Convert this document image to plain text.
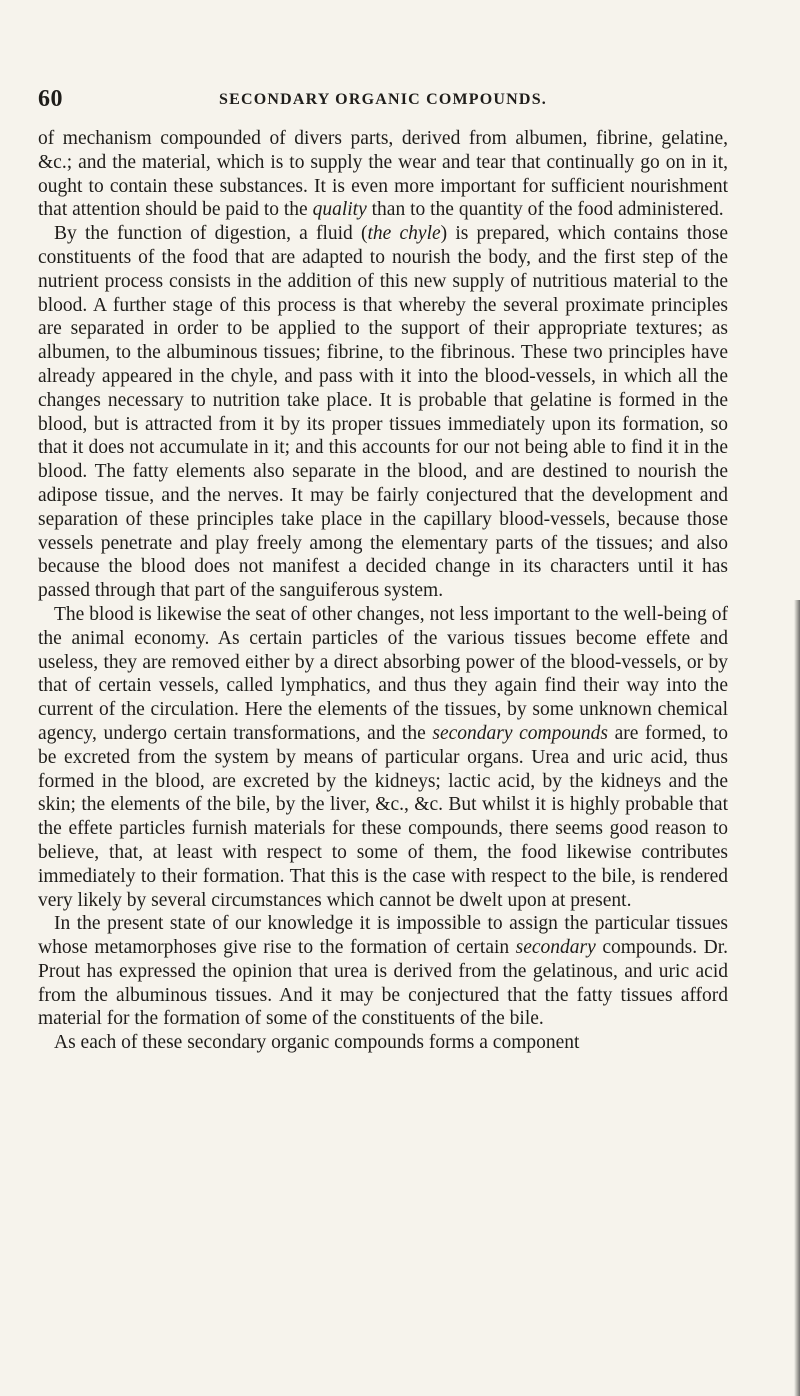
60	SECONDARY ORGANIC COMPOUNDS.

of mechanism compounded of divers parts, derived from albumen, fibrine, gelatine, &c.; and the material, which is to supply the wear and tear that continually go on in it, ought to contain these substances. It is even more important for sufficient nourishment that attention should be paid to the quality than to the quantity of the food administered.

By the function of digestion, a fluid (the chyle) is prepared, which contains those constituents of the food that are adapted to nourish the body, and the first step of the nutrient process consists in the addition of this new supply of nutritious material to the blood. A further stage of this process is that whereby the several proximate principles are separated in order to be applied to the support of their appropriate textures; as albumen, to the albuminous tissues; fibrine, to the fibrinous. These two principles have already appeared in the chyle, and pass with it into the blood-vessels, in which all the changes necessary to nutrition take place. It is probable that gelatine is formed in the blood, but is attracted from it by its proper tissues immediately upon its formation, so that it does not accumulate in it; and this accounts for our not being able to find it in the blood. The fatty elements also separate in the blood, and are destined to nourish the adipose tissue, and the nerves. It may be fairly conjectured that the development and separation of these principles take place in the capillary blood-vessels, because those vessels penetrate and play freely among the elementary parts of the tissues; and also because the blood does not manifest a decided change in its characters until it has passed through that part of the sanguiferous system.

The blood is likewise the seat of other changes, not less important to the well-being of the animal economy. As certain particles of the various tissues become effete and useless, they are removed either by a direct absorbing power of the blood-vessels, or by that of certain vessels, called lymphatics, and thus they again find their way into the current of the circulation. Here the elements of the tissues, by some unknown chemical agency, undergo certain transformations, and the secondary compounds are formed, to be excreted from the system by means of particular organs. Urea and uric acid, thus formed in the blood, are excreted by the kidneys; lactic acid, by the kidneys and the skin; the elements of the bile, by the liver, &c., &c. But whilst it is highly probable that the effete particles furnish materials for these compounds, there seems good reason to believe, that, at least with respect to some of them, the food likewise contributes immediately to their formation. That this is the case with respect to the bile, is rendered very likely by several circumstances which cannot be dwelt upon at present.

In the present state of our knowledge it is impossible to assign the particular tissues whose metamorphoses give rise to the formation of certain secondary compounds. Dr. Prout has expressed the opinion that urea is derived from the gelatinous, and uric acid from the albuminous tissues. And it may be conjectured that the fatty tissues afford material for the formation of some of the constituents of the bile.

As each of these secondary organic compounds forms a component
